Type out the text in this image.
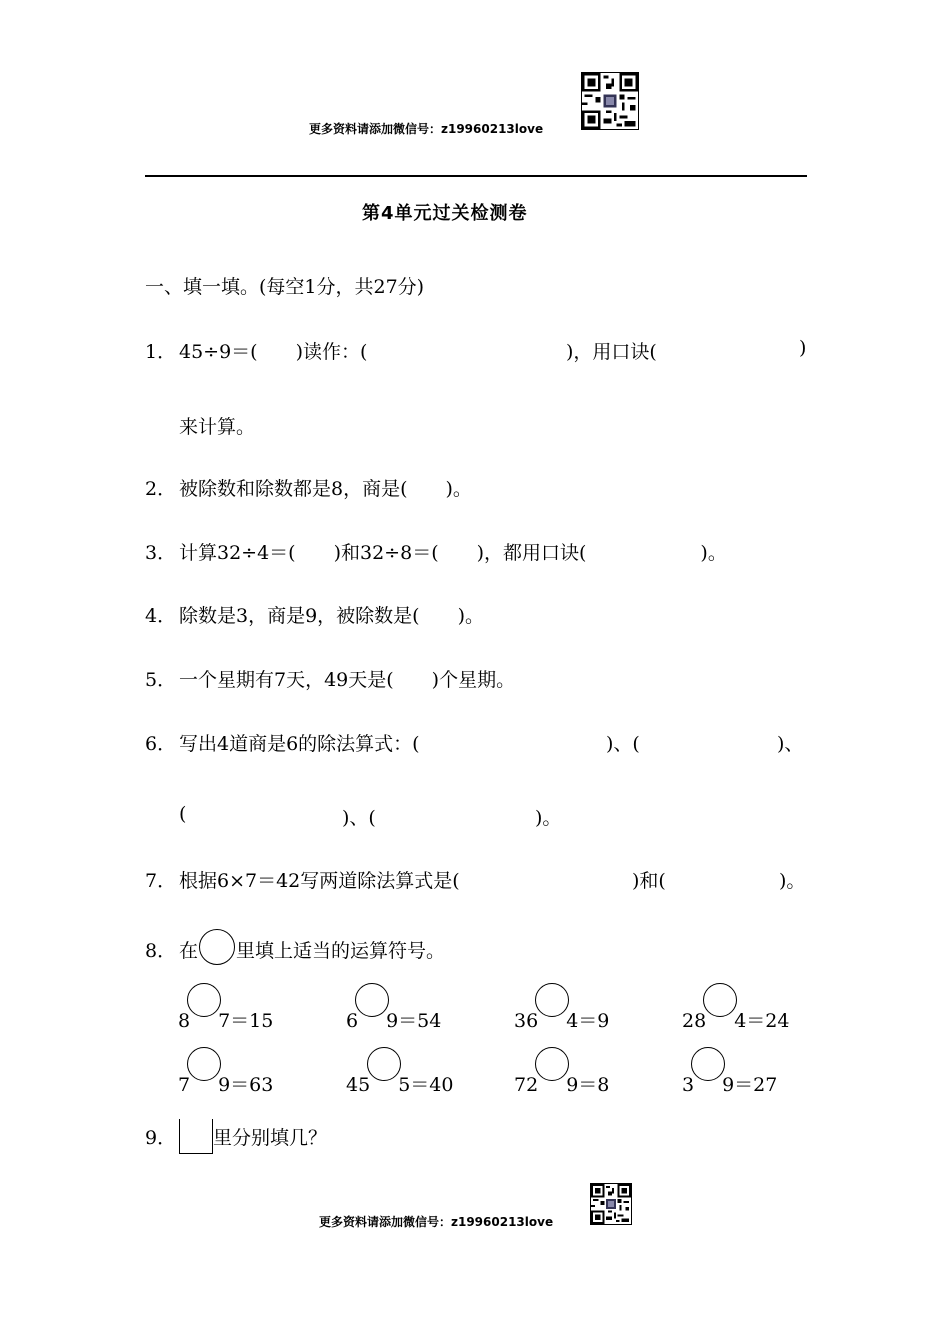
更多资料请添加微信号：z19960213love
第4单元过关检测卷
一、填一填。(每空1分，共27分)
1． 45÷9＝(　　)读作：(	)，用口诀(	)
来计算。
2． 被除数和除数都是8，商是(　　)。
3． 计算32÷4＝(　　)和32÷8＝(　　)，都用口诀(　　　　　　)。
4． 除数是3，商是9，被除数是(　　)。
5． 一个星期有7天，49天是(　　)个星期。
6． 写出4道商是6的除法算式：(	)、(	)、
(	)、(	)。
7． 根据6×7＝42写两道除法算式是(	)和(	)。
8． 在 里填上适当的运算符号。
8 7＝15	6 9＝54	36 4＝9	28 4＝24
7 9＝63	45 5＝40	72 9＝8	3 9＝27
9． 里分别填几？
更多资料请添加微信号：z19960213love
